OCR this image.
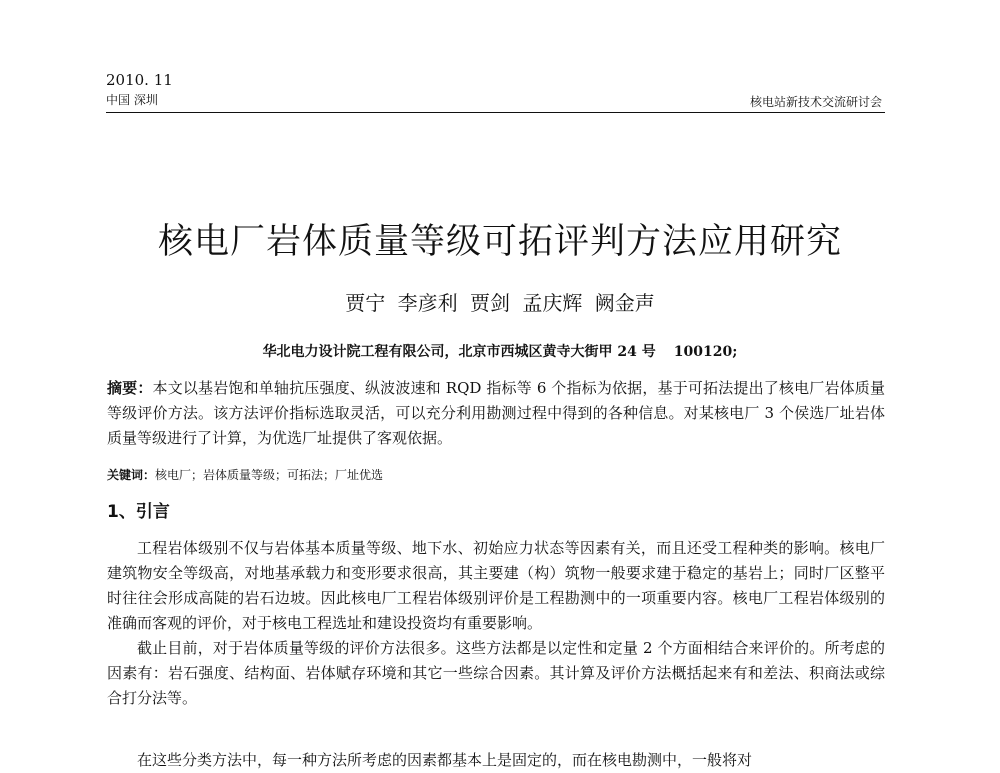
2010. 11
中国 深圳	核电站新技术交流研讨会
核电厂岩体质量等级可拓评判方法应用研究
贾宁 李彦利 贾剑 孟庆辉 阙金声
华北电力设计院工程有限公司，北京市西城区黄寺大街甲 24 号 100120;
摘要：本文以基岩饱和单轴抗压强度、纵波波速和 RQD 指标等 6 个指标为依据，基于可拓法提出了核电厂岩体质量等级评价方法。该方法评价指标选取灵活，可以充分利用勘测过程中得到的各种信息。对某核电厂 3 个侯选厂址岩体质量等级进行了计算，为优选厂址提供了客观依据。
关键词：核电厂；岩体质量等级；可拓法；厂址优选
1、引言

工程岩体级别不仅与岩体基本质量等级、地下水、初始应力状态等因素有关，而且还受工程种类的影响。核电厂建筑物安全等级高，对地基承载力和变形要求很高，其主要建（构）筑物一般要求建于稳定的基岩上；同时厂区整平时往往会形成高陡的岩石边坡。因此核电厂工程岩体级别评价是工程勘测中的一项重要内容。核电厂工程岩体级别的准确而客观的评价，对于核电工程选址和建设投资均有重要影响。

截止目前，对于岩体质量等级的评价方法很多。这些方法都是以定性和定量 2 个方面相结合来评价的。所考虑的因素有：岩石强度、结构面、岩体赋存环境和其它一些综合因素。其计算及评价方法概括起来有和差法、积商法或综合打分法等。

在这些分类方法中，每一种方法所考虑的因素都基本上是固定的，而在核电勘测中，一般将对
